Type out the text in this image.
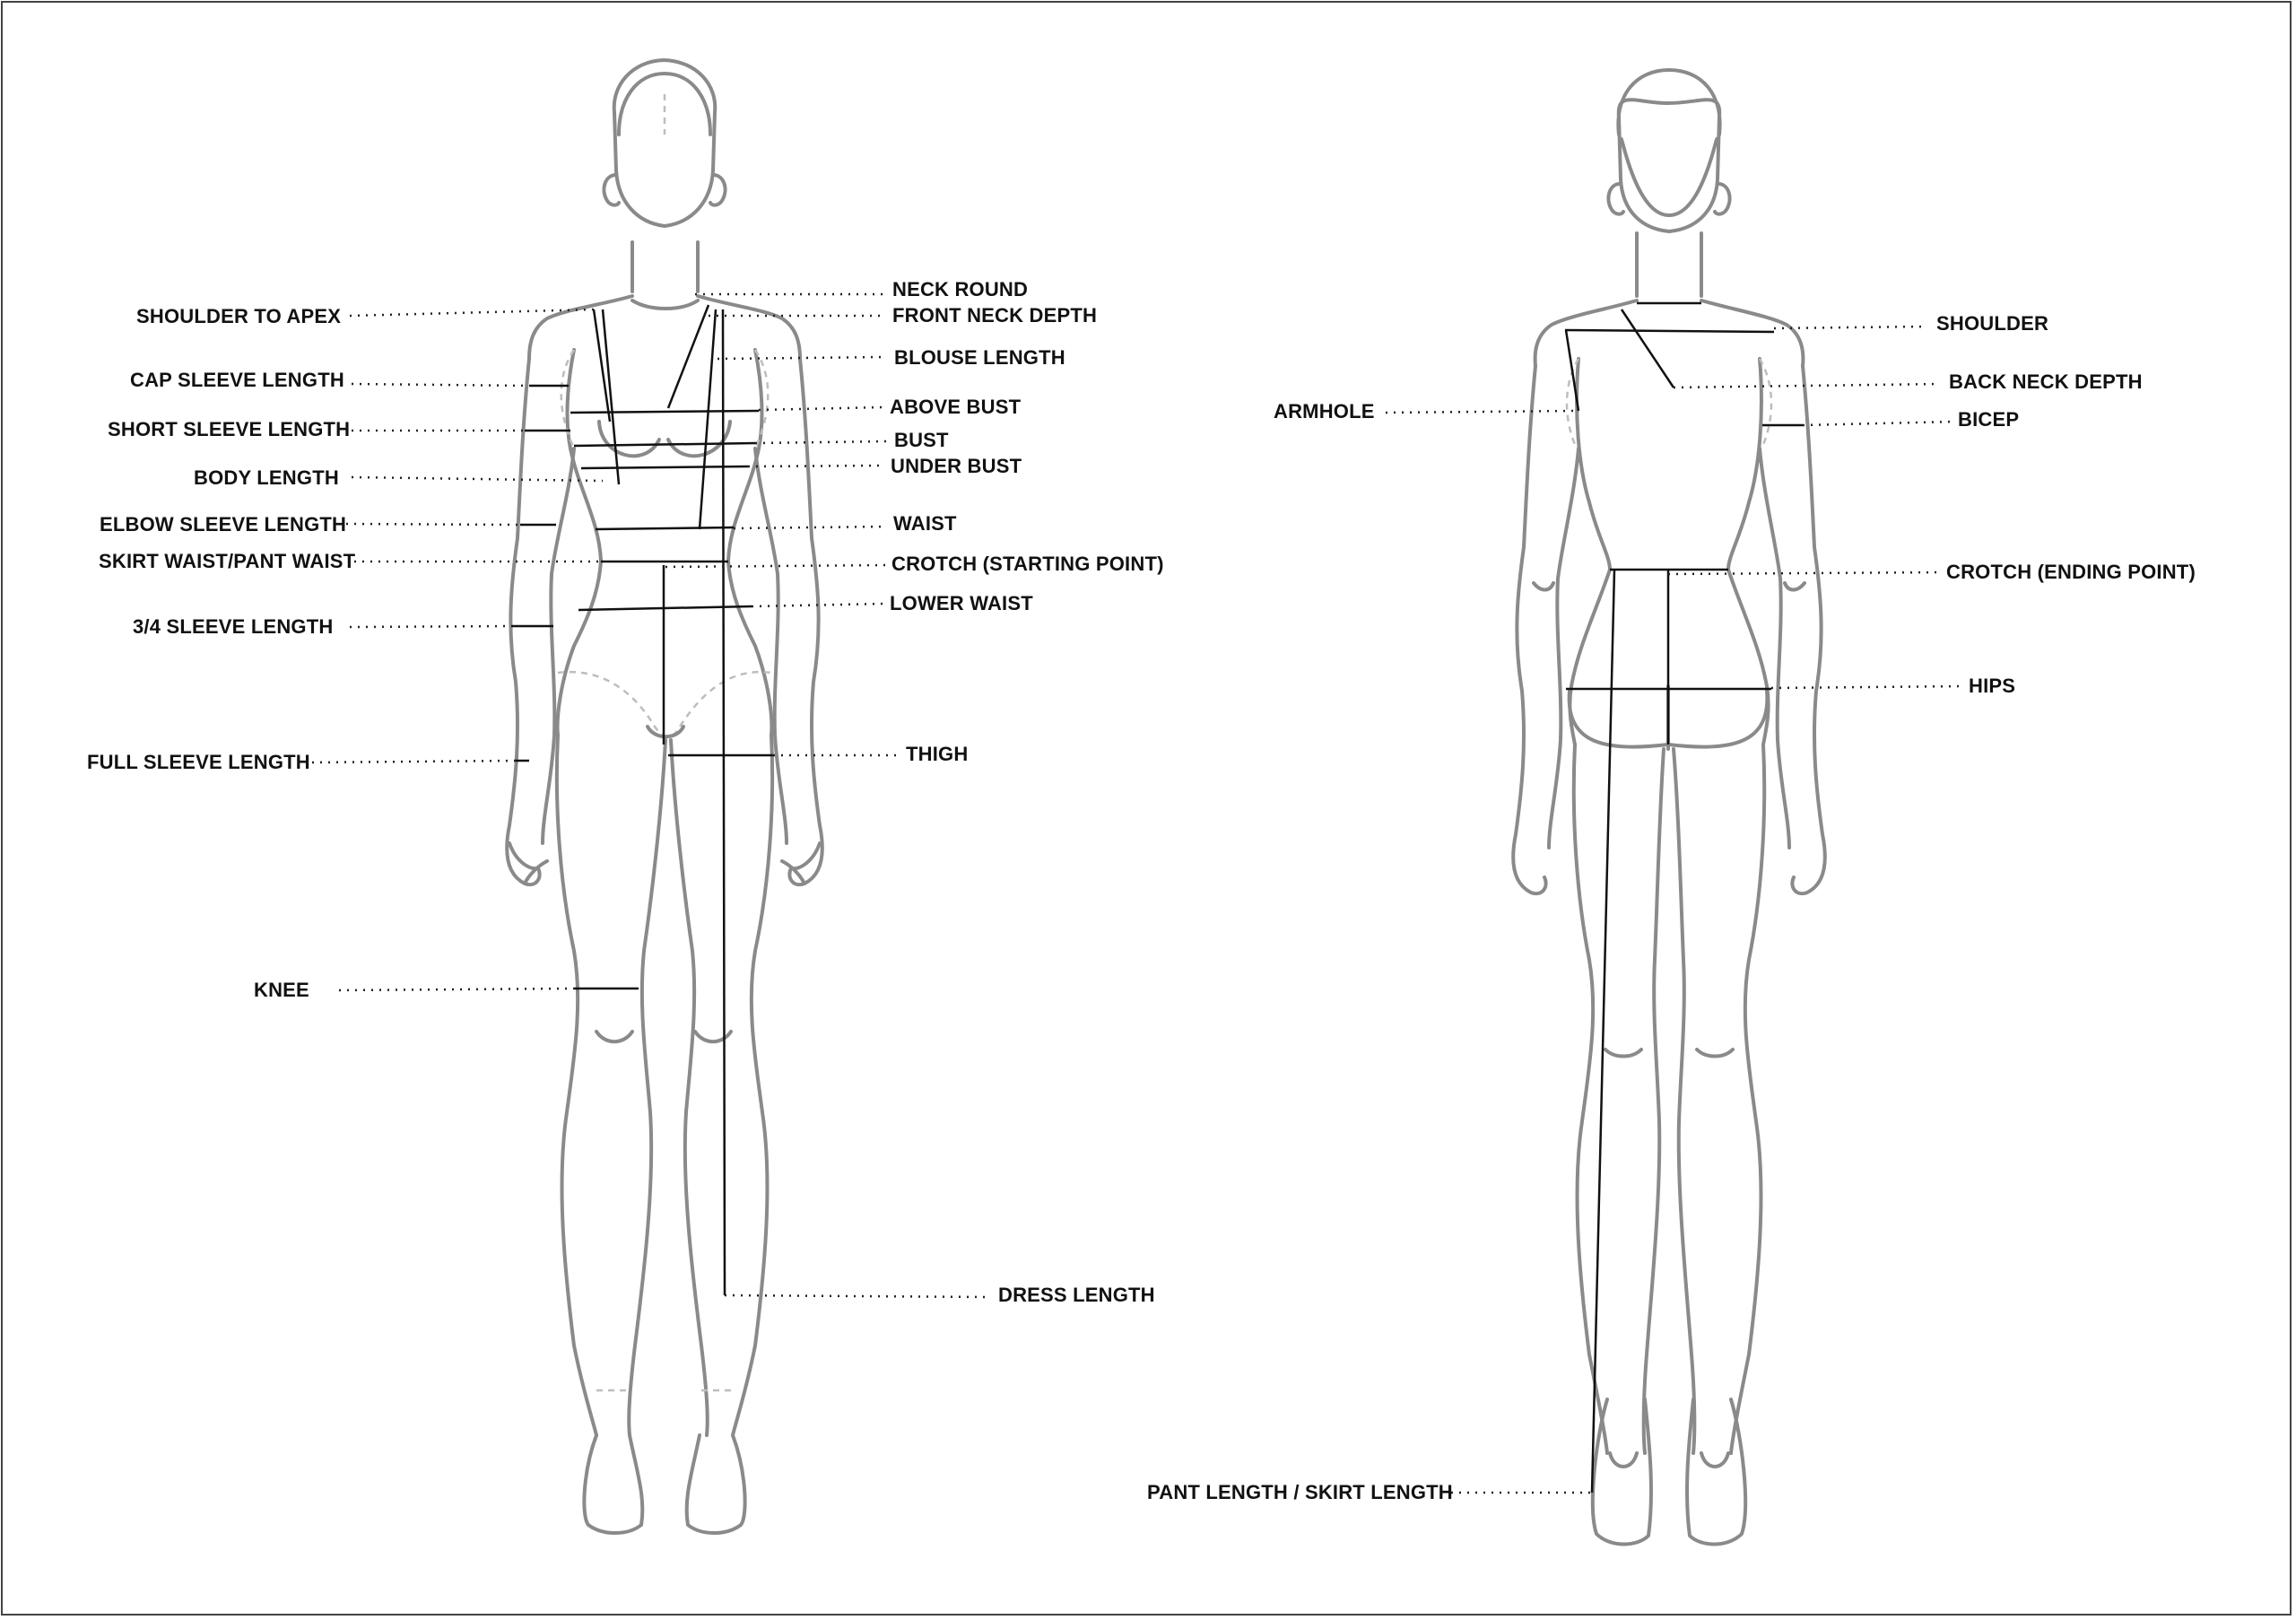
SHOULDER TO APEX
CAP SLEEVE LENGTH
SHORT SLEEVE LENGTH
BODY LENGTH
ELBOW SLEEVE LENGTH
SKIRT WAIST/PANT WAIST
3/4 SLEEVE LENGTH
FULL SLEEVE LENGTH
KNEE
NECK ROUND
FRONT NECK DEPTH
BLOUSE LENGTH
ABOVE BUST
BUST
UNDER BUST
WAIST
CROTCH (STARTING POINT)
LOWER WAIST
THIGH
DRESS LENGTH
ARMHOLE
SHOULDER
BACK NECK DEPTH
BICEP
CROTCH (ENDING POINT)
HIPS
PANT LENGTH / SKIRT LENGTH
